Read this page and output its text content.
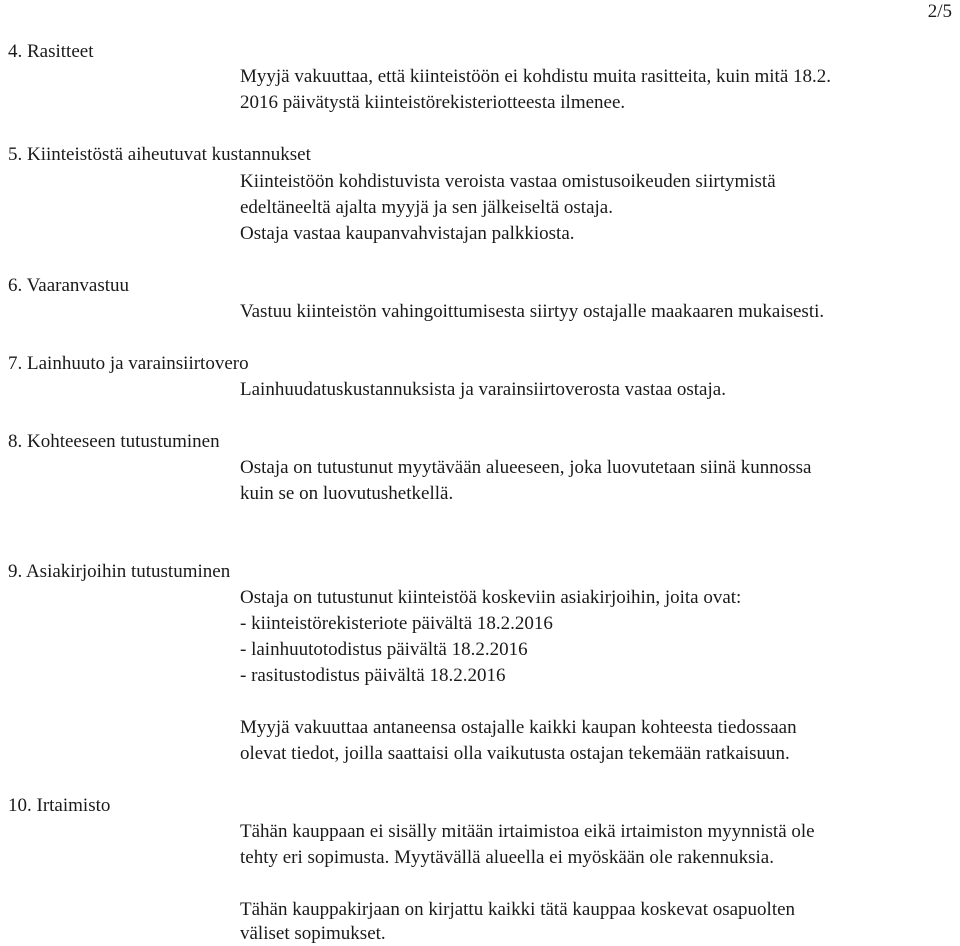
2/5
4. Rasitteet
Myyjä vakuuttaa, että kiinteistöön ei kohdistu muita rasitteita, kuin mitä 18.2.
2016 päivätystä kiinteistörekisteriotteesta ilmenee.
5. Kiinteistöstä aiheutuvat kustannukset
Kiinteistöön kohdistuvista veroista vastaa omistusoikeuden siirtymistä
edeltäneeltä ajalta myyjä ja sen jälkeiseltä ostaja.
Ostaja vastaa kaupanvahvistajan palkkiosta.
6. Vaaranvastuu
Vastuu kiinteistön vahingoittumisesta siirtyy ostajalle maakaaren mukaisesti.
7. Lainhuuto ja varainsiirtovero
Lainhuudatuskustannuksista ja varainsiirtoverosta vastaa ostaja.
8. Kohteeseen tutustuminen
Ostaja on tutustunut myytävään alueeseen, joka luovutetaan siinä kunnossa
kuin se on luovutushetkellä.
9. Asiakirjoihin tutustuminen
Ostaja on tutustunut kiinteistöä koskeviin asiakirjoihin, joita ovat:
- kiinteistörekisteriote päivältä 18.2.2016
- lainhuutotodistus päivältä 18.2.2016
- rasitustodistus päivältä 18.2.2016
Myyjä vakuuttaa antaneensa ostajalle kaikki kaupan kohteesta tiedossaan
olevat tiedot, joilla saattaisi olla vaikutusta ostajan tekemään ratkaisuun.
10. Irtaimisto
Tähän kauppaan ei sisälly mitään irtaimistoa eikä irtaimiston myynnistä ole
tehty eri sopimusta. Myytävällä alueella ei myöskään ole rakennuksia.
Tähän kauppakirjaan on kirjattu kaikki tätä kauppaa koskevat osapuolten
väliset sopimukset.
